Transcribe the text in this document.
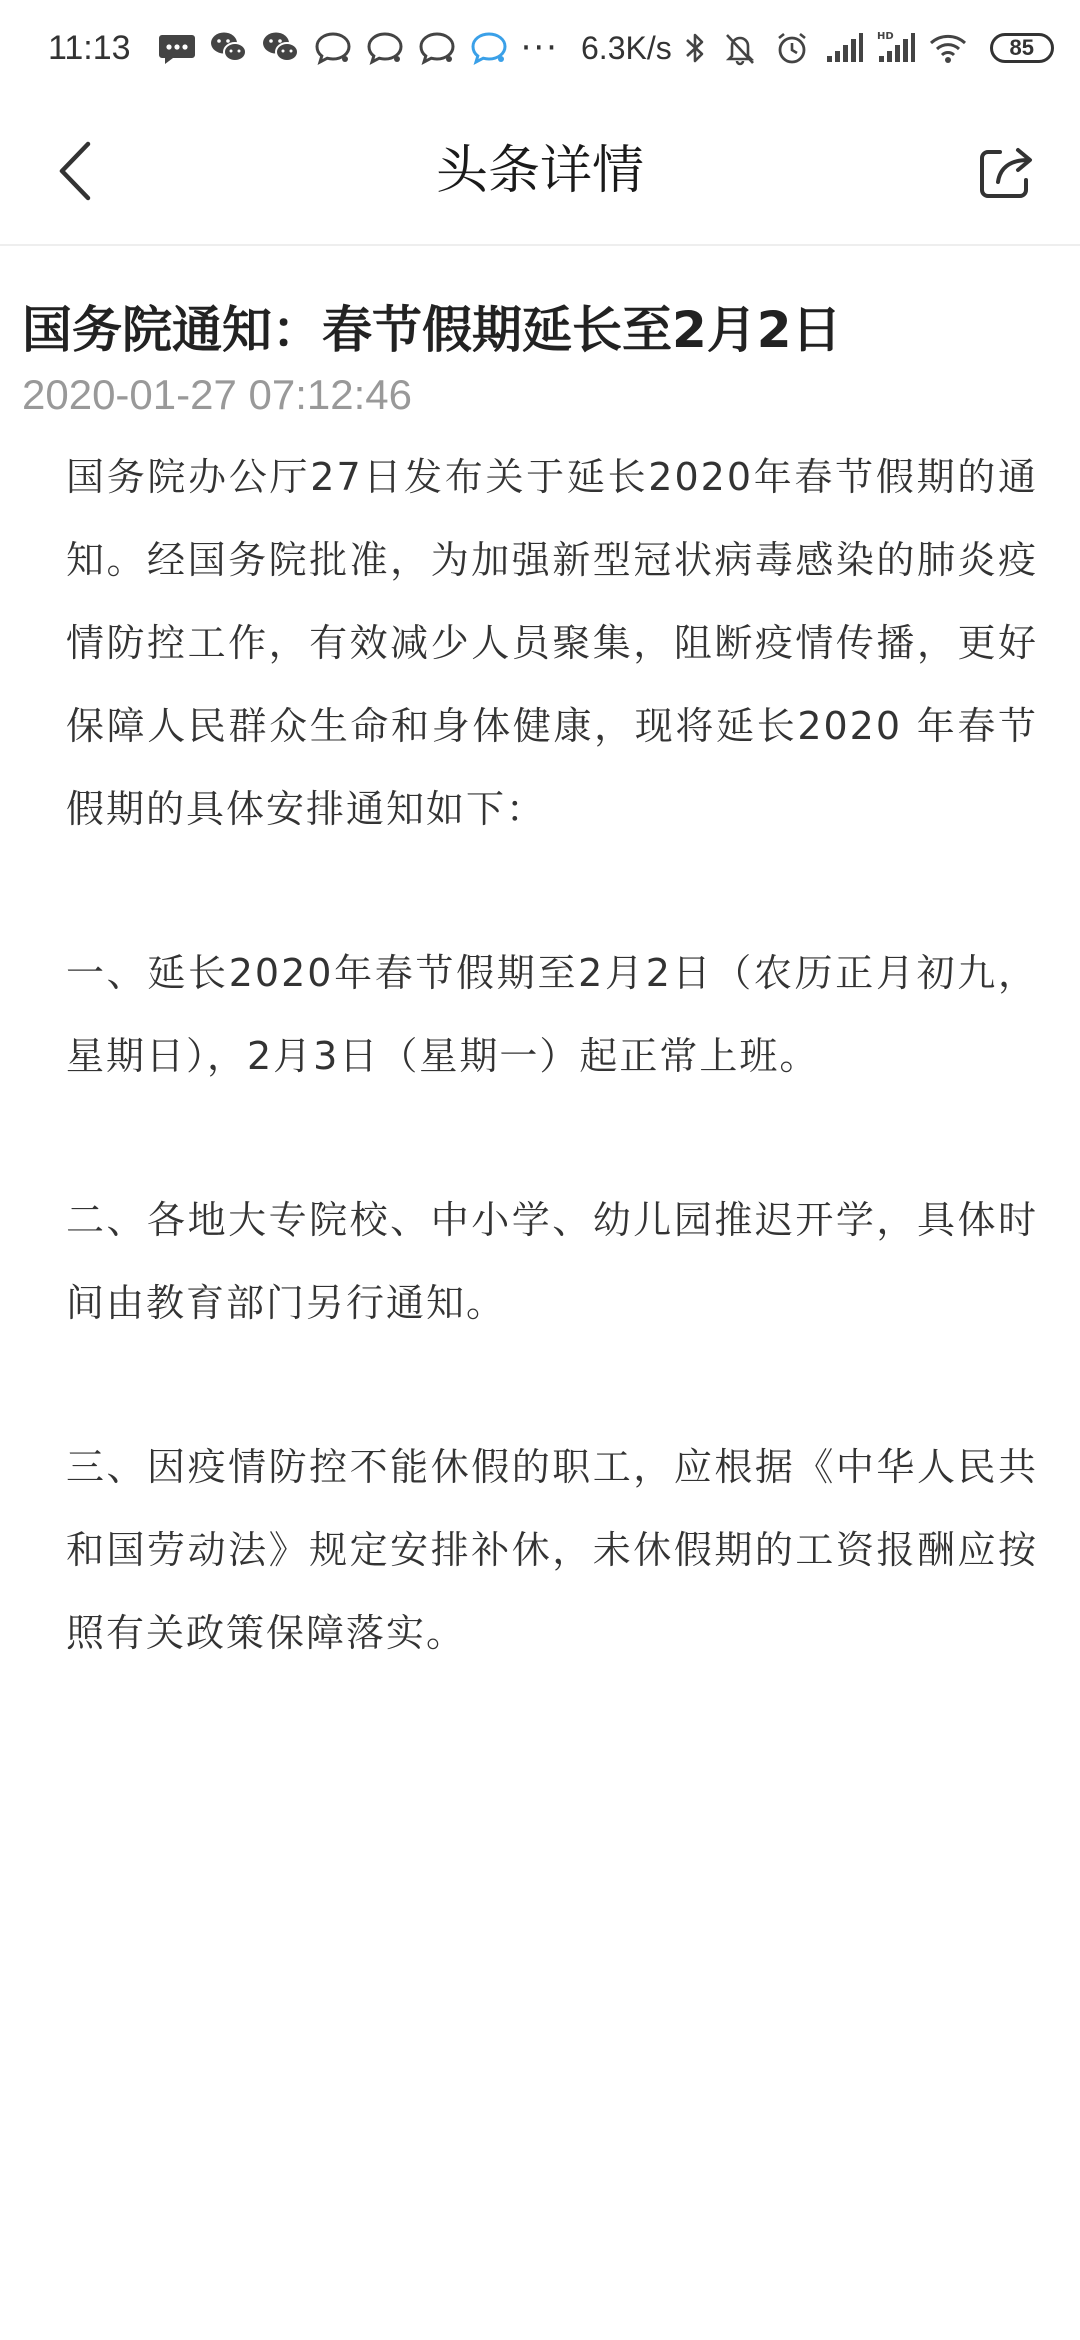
11:13	··· 6.3K/s	HD	85
头条详情
国务院通知：春节假期延长至2月2日
2020-01-27 07:12:46

国务院办公厅27日发布关于延长2020年春节假期的通知。经国务院批准，为加强新型冠状病毒感染的肺炎疫情防控工作，有效减少人员聚集，阻断疫情传播，更好保障人民群众生命和身体健康，现将延长2020 年春节假期的具体安排通知如下：

一、延长2020年春节假期至2月2日（农历正月初九，星期日），2月3日（星期一）起正常上班。

二、各地大专院校、中小学、幼儿园推迟开学，具体时间由教育部门另行通知。

三、因疫情防控不能休假的职工，应根据《中华人民共和国劳动法》规定安排补休，未休假期的工资报酬应按照有关政策保障落实。
